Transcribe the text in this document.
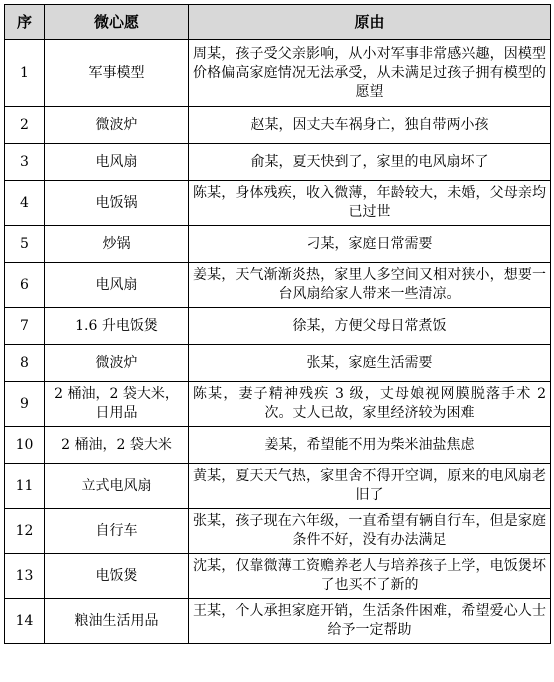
序	微心愿	原由
1	军事模型	周某，孩子受父亲影响，从小对军事非常感兴趣，因模型价格偏高家庭情况无法承受，从未满足过孩子拥有模型的愿望
2	微波炉	赵某，因丈夫车祸身亡，独自带两小孩
3	电风扇	俞某，夏天快到了，家里的电风扇坏了
4	电饭锅	陈某，身体残疾，收入微薄，年龄较大，未婚，父母亲均已过世
5	炒锅	刁某，家庭日常需要
6	电风扇	姜某，天气渐渐炎热，家里人多空间又相对狭小，想要一台风扇给家人带来一些清凉。
7	1.6 升电饭煲	徐某，方便父母日常煮饭
8	微波炉	张某，家庭生活需要
9	2 桶油，2 袋大米，日用品	陈某，妻子精神残疾 3 级，丈母娘视网膜脱落手术 2 次。丈人已故，家里经济较为困难
10	2 桶油，2 袋大米	姜某，希望能不用为柴米油盐焦虑
11	立式电风扇	黄某，夏天天气热，家里舍不得开空调，原来的电风扇老旧了
12	自行车	张某，孩子现在六年级，一直希望有辆自行车，但是家庭条件不好，没有办法满足
13	电饭煲	沈某，仅靠微薄工资赡养老人与培养孩子上学，电饭煲坏了也买不了新的
14	粮油生活用品	王某，个人承担家庭开销，生活条件困难，希望爱心人士给予一定帮助
